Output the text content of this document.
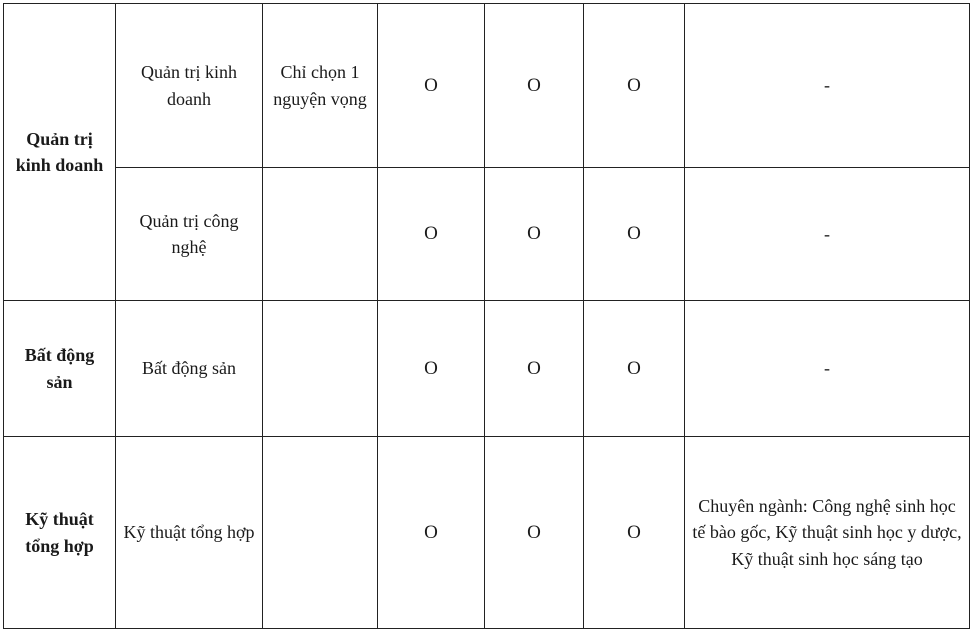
Quản trị kinh doanh	Quản trị kinh doanh	Chỉ chọn 1 nguyện vọng	O	O	O	-
	Quản trị công nghệ		O	O	O	-
Bất động sản	Bất động sản		O	O	O	-
Kỹ thuật tổng hợp	Kỹ thuật tổng hợp		O	O	O	Chuyên ngành: Công nghệ sinh học tế bào gốc, Kỹ thuật sinh học y dược, Kỹ thuật sinh học sáng tạo
